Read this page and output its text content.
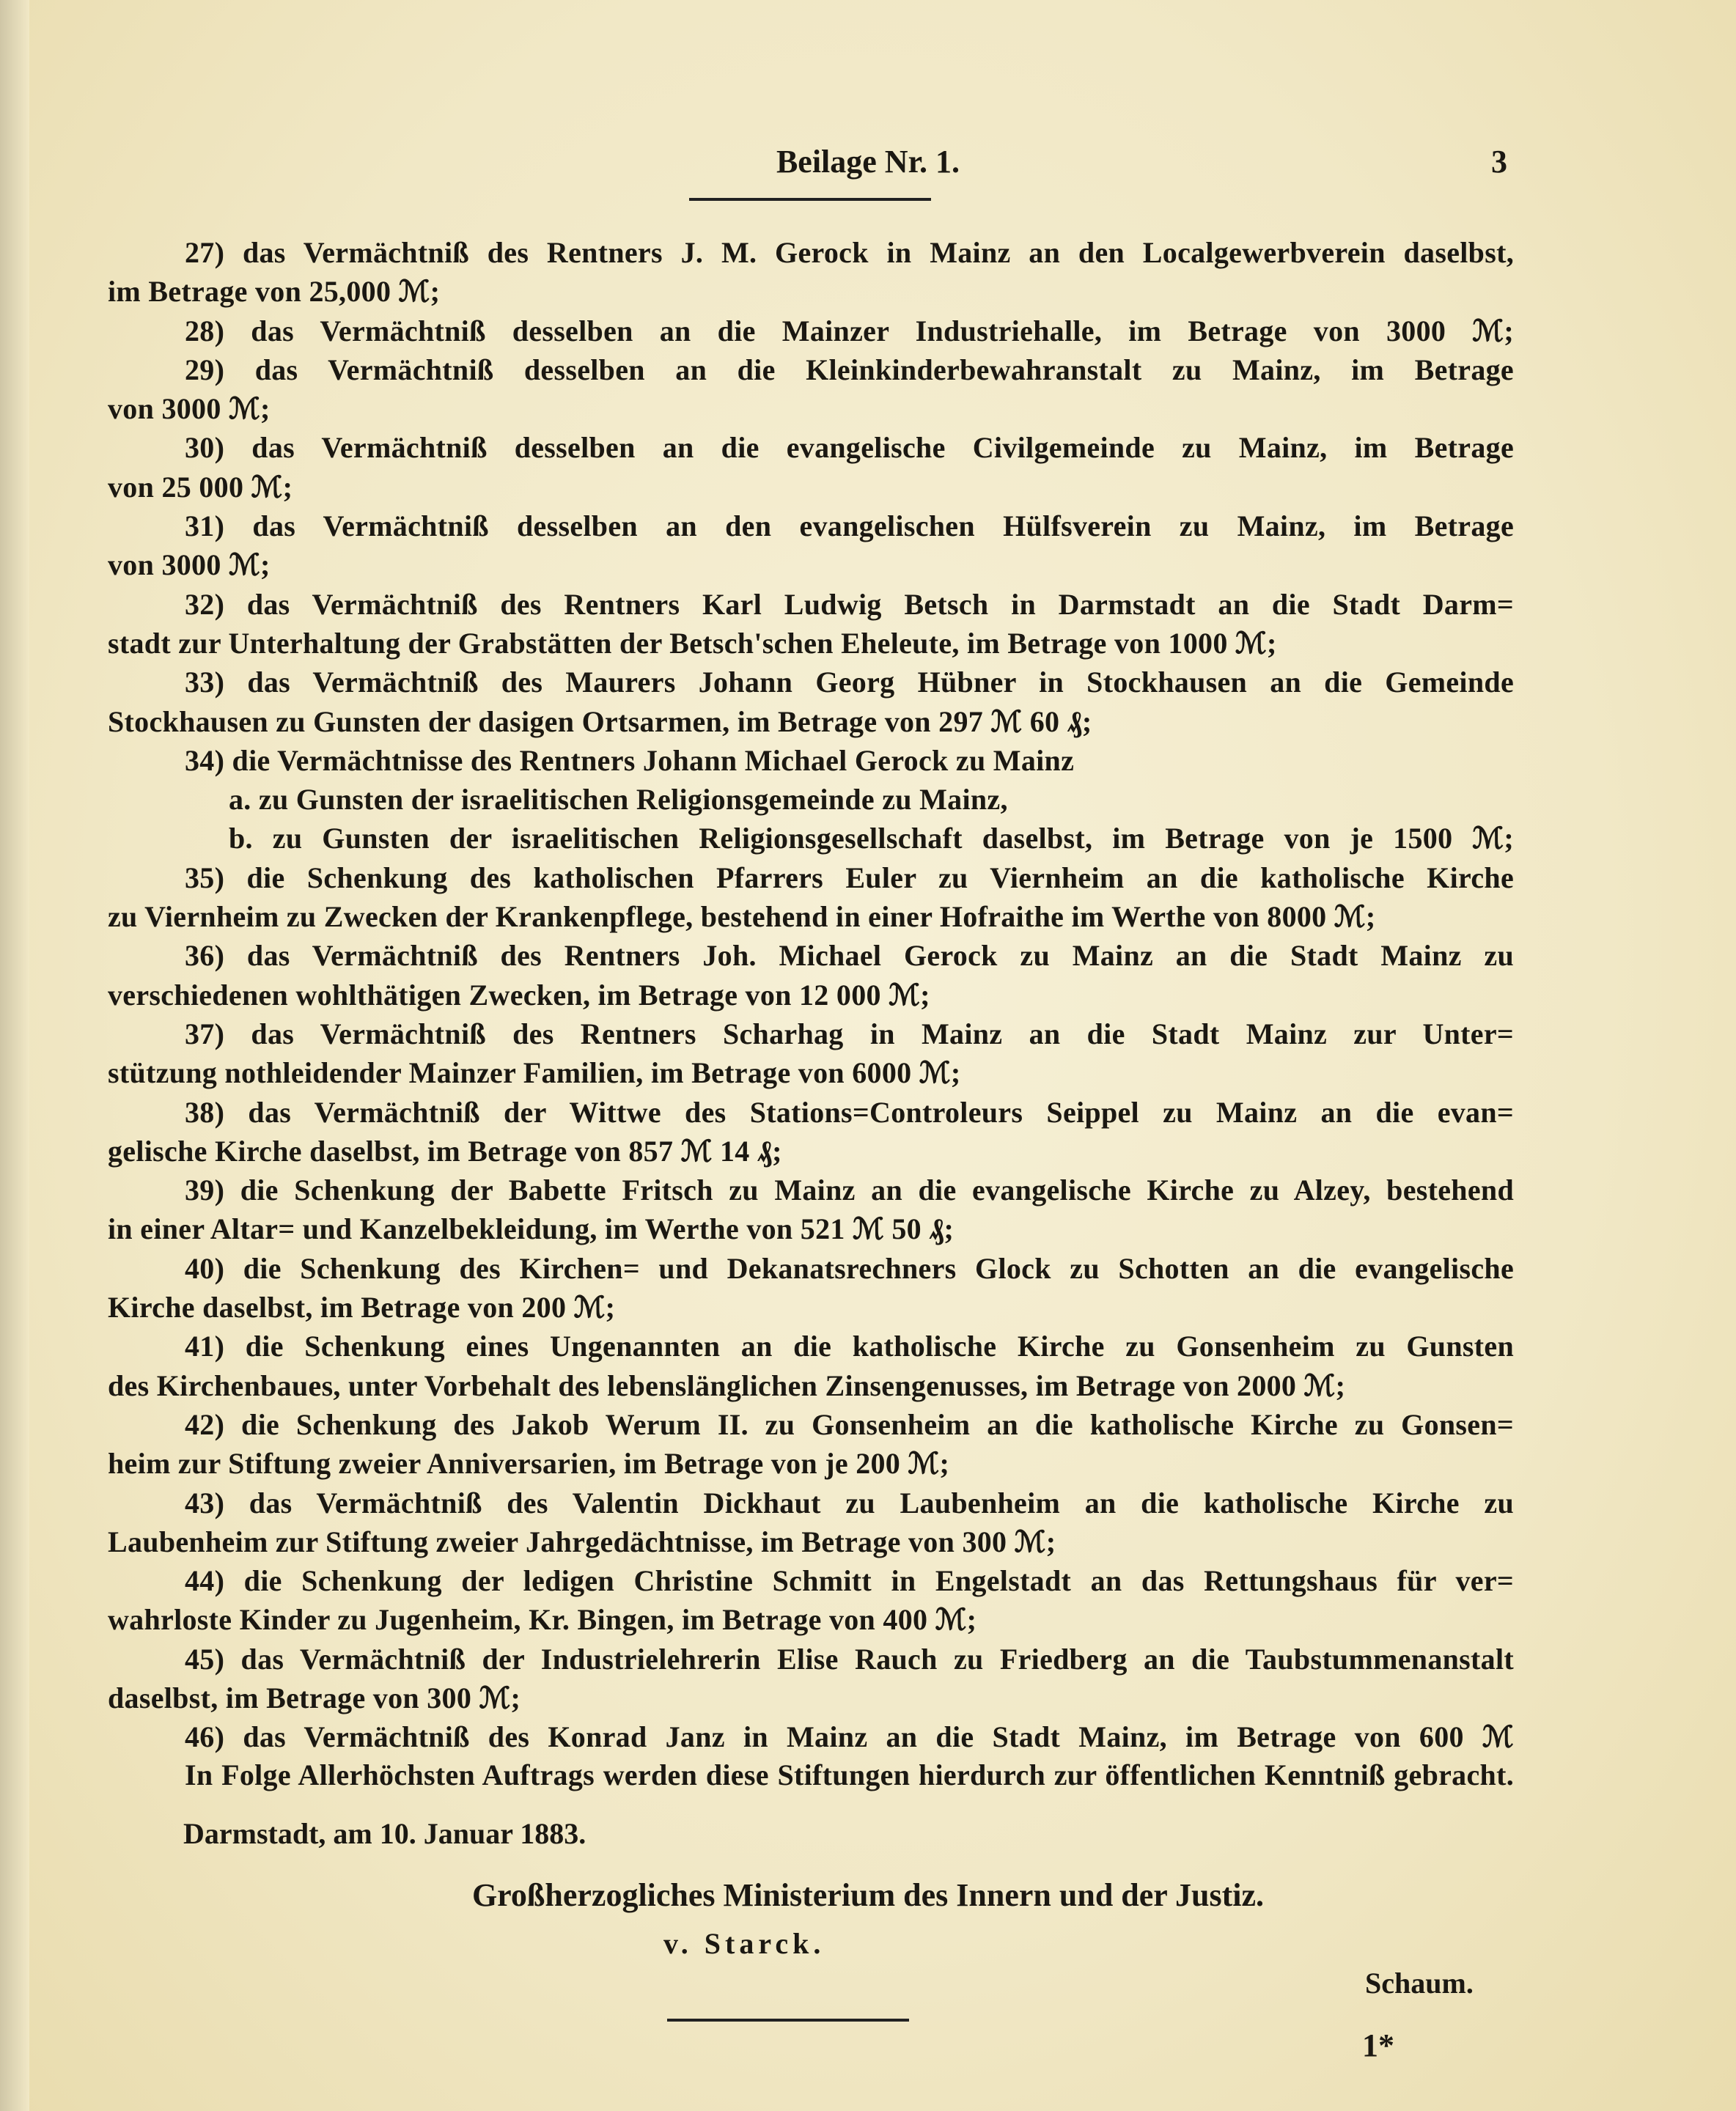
Beilage Nr. 1.	3
27) das Vermächtniß des Rentners J. M. Gerock in Mainz an den Localgewerbverein daselbst,
im Betrage von 25,000 ℳ;
28) das Vermächtniß desselben an die Mainzer Industriehalle, im Betrage von 3000 ℳ;
29) das Vermächtniß desselben an die Kleinkinderbewahranstalt zu Mainz, im Betrage
von 3000 ℳ;
30) das Vermächtniß desselben an die evangelische Civilgemeinde zu Mainz, im Betrage
von 25 000 ℳ;
31) das Vermächtniß desselben an den evangelischen Hülfsverein zu Mainz, im Betrage
von 3000 ℳ;
32) das Vermächtniß des Rentners Karl Ludwig Betsch in Darmstadt an die Stadt Darm=
stadt zur Unterhaltung der Grabstätten der Betsch'schen Eheleute, im Betrage von 1000 ℳ;
33) das Vermächtniß des Maurers Johann Georg Hübner in Stockhausen an die Gemeinde
Stockhausen zu Gunsten der dasigen Ortsarmen, im Betrage von 297 ℳ 60 ₰;
34) die Vermächtnisse des Rentners Johann Michael Gerock zu Mainz
a. zu Gunsten der israelitischen Religionsgemeinde zu Mainz,
b. zu Gunsten der israelitischen Religionsgesellschaft daselbst, im Betrage von je 1500 ℳ;
35) die Schenkung des katholischen Pfarrers Euler zu Viernheim an die katholische Kirche
zu Viernheim zu Zwecken der Krankenpflege, bestehend in einer Hofraithe im Werthe von 8000 ℳ;
36) das Vermächtniß des Rentners Joh. Michael Gerock zu Mainz an die Stadt Mainz zu
verschiedenen wohlthätigen Zwecken, im Betrage von 12 000 ℳ;
37) das Vermächtniß des Rentners Scharhag in Mainz an die Stadt Mainz zur Unter=
stützung nothleidender Mainzer Familien, im Betrage von 6000 ℳ;
38) das Vermächtniß der Wittwe des Stations=Controleurs Seippel zu Mainz an die evan=
gelische Kirche daselbst, im Betrage von 857 ℳ 14 ₰;
39) die Schenkung der Babette Fritsch zu Mainz an die evangelische Kirche zu Alzey, bestehend
in einer Altar= und Kanzelbekleidung, im Werthe von 521 ℳ 50 ₰;
40) die Schenkung des Kirchen= und Dekanatsrechners Glock zu Schotten an die evangelische
Kirche daselbst, im Betrage von 200 ℳ;
41) die Schenkung eines Ungenannten an die katholische Kirche zu Gonsenheim zu Gunsten
des Kirchenbaues, unter Vorbehalt des lebenslänglichen Zinsengenusses, im Betrage von 2000 ℳ;
42) die Schenkung des Jakob Werum II. zu Gonsenheim an die katholische Kirche zu Gonsen=
heim zur Stiftung zweier Anniversarien, im Betrage von je 200 ℳ;
43) das Vermächtniß des Valentin Dickhaut zu Laubenheim an die katholische Kirche zu
Laubenheim zur Stiftung zweier Jahrgedächtnisse, im Betrage von 300 ℳ;
44) die Schenkung der ledigen Christine Schmitt in Engelstadt an das Rettungshaus für ver=
wahrloste Kinder zu Jugenheim, Kr. Bingen, im Betrage von 400 ℳ;
45) das Vermächtniß der Industrielehrerin Elise Rauch zu Friedberg an die Taubstummenanstalt
daselbst, im Betrage von 300 ℳ;
46) das Vermächtniß des Konrad Janz in Mainz an die Stadt Mainz, im Betrage von 600 ℳ
In Folge Allerhöchsten Auftrags werden diese Stiftungen hierdurch zur öffentlichen Kenntniß gebracht.
Darmstadt, am 10. Januar 1883.
Großherzogliches Ministerium des Innern und der Justiz.
v. Starck.
Schaum.
1*
